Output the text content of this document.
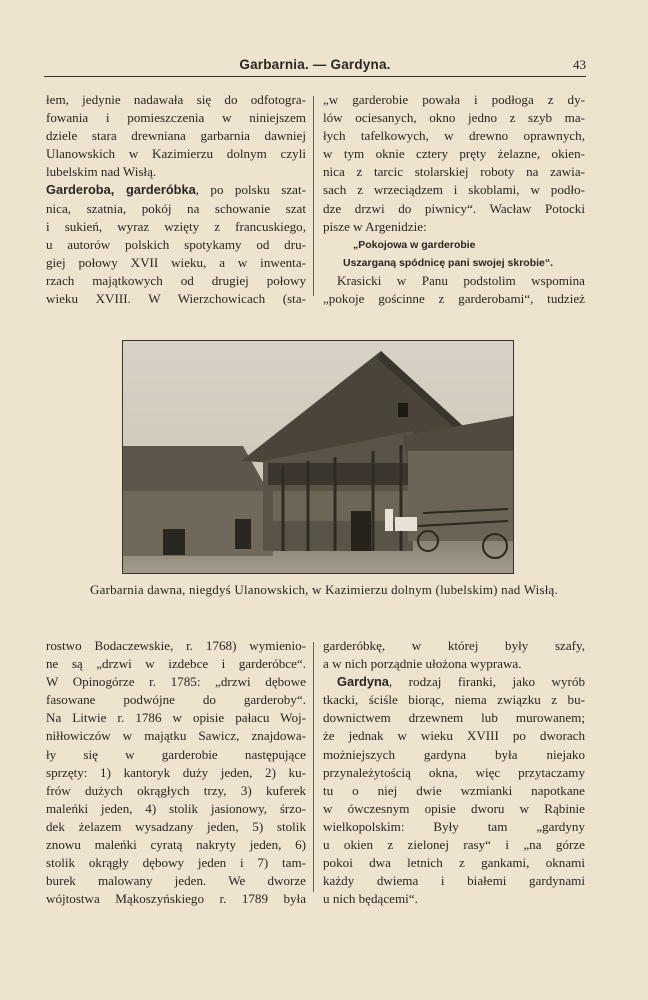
Garbarnia. — Gardyna.	43
łem, jedynie nadawała się do odfotogra-
fowania i pomieszczenia w niniejszem
dziele stara drewniana garbarnia dawniej
Ulanowskich w Kazimierzu dolnym czyli
lubelskim nad Wisłą.
Garderoba, garderóbka, po polsku szat-
nica, szatnia, pokój na schowanie szat
i sukień, wyraz wzięty z francuskiego,
u autorów polskich spotykamy od dru-
giej połowy XVII wieku, a w inwenta-
rzach majątkowych od drugiej połowy
wieku XVIII. W Wierzchowicach (sta-
„w garderobie powała i podłoga z dy-
lów ociesanych, okno jedno z szyb ma-
łych tafelkowych, w drewno oprawnych,
w tym oknie cztery pręty żelazne, okien-
nica z tarcic stolarskiej roboty na zawia-
sach z wrzeciądzem i skoblami, w podło-
dze drzwi do piwnicy“. Wacław Potocki
pisze w Argenidzie:
„Pokojowa w garderobie
Uszarganą spódnicę pani swojej skrobie“.
Krasicki w Panu podstolim wspomina
„pokoje gościnne z garderobami“, tudzież
Garbarnia dawna, niegdyś Ulanowskich, w Kazimierzu dolnym (lubelskim) nad Wisłą.
rostwo Bodaczewskie, r. 1768) wymienio-
ne są „drzwi w izdebce i garderóbce“.
W Opinogórze r. 1785: „drzwi dębowe
fasowane podwójne do garderoby“.
Na Litwie r. 1786 w opisie pałacu Woj-
niłłowiczów w majątku Sawicz, znajdowa-
ły się w garderobie następujące
sprzęty: 1) kantoryk duży jeden, 2) ku-
frów dużych okrągłych trzy, 3) kuferek
maleńki jeden, 4) stolik jasionowy, śrzo-
dek żelazem wysadzany jeden, 5) stolik
znowu maleńki cyratą nakryty jeden, 6)
stolik okrągły dębowy jeden i 7) tam-
burek malowany jeden. We dworze
wójtostwa Mąkoszyńskiego r. 1789 była
garderóbkę, w której były szafy,
a w nich porządnie ułożona wyprawa.
Gardyna, rodzaj firanki, jako wyrób
tkacki, ściśle biorąc, niema związku z bu-
downictwem drzewnem lub murowanem;
że jednak w wieku XVIII po dworach
możniejszych gardyna była niejako
przynależytością okna, więc przytaczamy
tu o niej dwie wzmianki napotkane
w ówczesnym opisie dworu w Rąbinie
wielkopolskim: Były tam „gardyny
u okien z zielonej rasy“ i „na górze
pokoi dwa letnich z gankami, oknami
każdy dwiema i białemi gardynami
u nich będącemi“.
